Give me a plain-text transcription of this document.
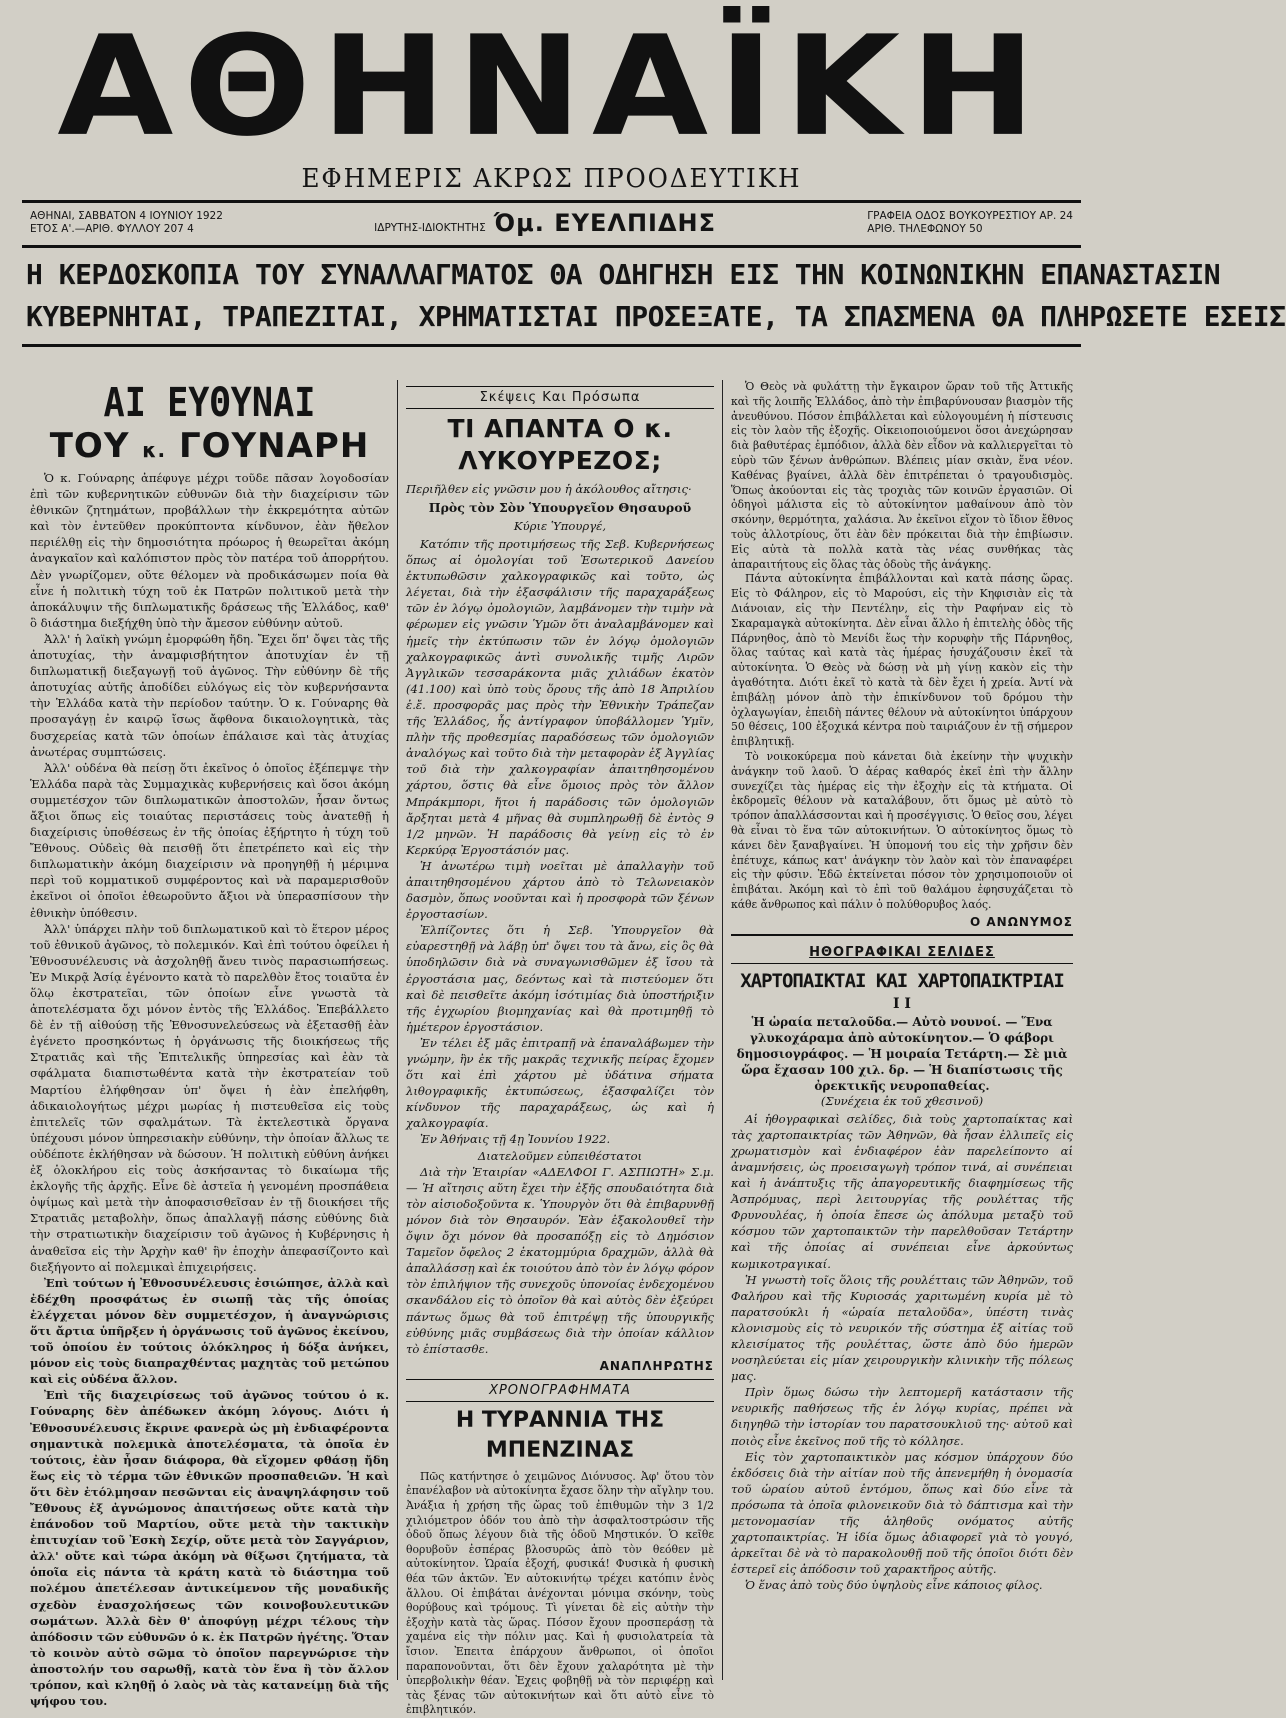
ΑΘΗΝΑΪΚΗ
ΕΦΗΜΕΡΙΣ ΑΚΡΩΣ ΠΡΟΟΔΕΥΤΙΚΗ
ΑΘΗΝΑΙ, ΣΑΒΒΑΤΟΝ 4 ΙΟΥΝΙΟΥ 1922
ΕΤΟΣ Α'.—ΑΡΙΘ. ΦΥΛΛΟΥ 207 4	ΙΔΡΥΤΗΣ-ΙΔΙΟΚΤΗΤΗΣ Όμ. ΕΥΕΛΠΙΔΗΣ	ΓΡΑΦΕΙΑ ΟΔΟΣ ΒΟΥΚΟΥΡΕΣΤΙΟΥ ΑΡ. 24
ΑΡΙΘ. ΤΗΛΕΦΩΝΟΥ 50
Η ΚΕΡΔΟΣΚΟΠΙΑ ΤΟΥ ΣΥΝΑΛΛΑΓΜΑΤΟΣ ΘΑ ΟΔΗΓΗΣΗ ΕΙΣ ΤΗΝ ΚΟΙΝΩΝΙΚΗΝ ΕΠΑΝΑΣΤΑΣΙΝ
ΚΥΒΕΡΝΗΤΑΙ, ΤΡΑΠΕΖΙΤΑΙ, ΧΡΗΜΑΤΙΣΤΑΙ ΠΡΟΣΕΞΑΤΕ, ΤΑ ΣΠΑΣΜΕΝΑ ΘΑ ΠΛΗΡΩΣΕΤΕ ΕΣΕΙΣ
ΑΙ ΕΥΘΥΝΑΙ
ΤΟΥ κ. ΓΟΥΝΑΡΗ

Ὁ κ. Γούναρης ἀπέφυγε μέχρι τοῦδε πᾶσαν λογοδοσίαν ἐπὶ τῶν κυβερνητικῶν εὐθυνῶν διὰ τὴν διαχείρισιν τῶν ἐθνικῶν ζητημάτων, προβάλλων τὴν ἐκκρεμότητα αὐτῶν καὶ τὸν ἐντεῦθεν προκύπτοντα κίνδυνον, ἐὰν ἤθελον περιέλθῃ εἰς τὴν δημοσιότητα πρόωρος ἡ θεωρεῖται ἀκόμη ἀναγκαῖον καὶ καλόπιστον πρὸς τὸν πατέρα τοῦ ἀπορρήτου. Δὲν γνωρίζομεν, οὔτε θέλομεν νὰ προδικάσωμεν ποία θὰ εἶνε ἡ πολιτικὴ τύχη τοῦ ἐκ Πατρῶν πολιτικοῦ μετὰ τὴν ἀποκάλυψιν τῆς διπλωματικῆς δράσεως τῆς Ἑλλάδος, καθ' ὃ διάστημα διεξήχθη ὑπὸ τὴν ἄμεσον εὐθύνην αὐτοῦ.

Ἀλλ' ἡ λαϊκὴ γνώμη ἐμορφώθη ἤδη. Ἔχει ὅπ' ὄψει τὰς τῆς ἀποτυχίας, τὴν ἀναμφισβήτητον ἀποτυχίαν ἐν τῇ διπλωματικῇ διεξαγωγῇ τοῦ ἀγῶνος. Τὴν εὐθύνην δὲ τῆς ἀποτυχίας αὐτῆς ἀποδίδει εὐλόγως εἰς τὸν κυβερνήσαντα τὴν Ἑλλάδα κατὰ τὴν περίοδον ταύτην. Ὁ κ. Γούναρης θὰ προσαγάγῃ ἐν καιρῷ ἴσως ἄφθονα δικαιολογητικὰ, τὰς δυσχερείας κατὰ τῶν ὁποίων ἐπάλαισε καὶ τὰς ἀτυχίας ἀνωτέρας συμπτώσεις.

Ἀλλ' οὐδένα θὰ πείσῃ ὅτι ἐκεῖνος ὁ ὁποῖος ἐξέπεμψε τὴν Ἑλλάδα παρὰ τὰς Συμμαχικὰς κυβερνήσεις καὶ ὅσοι ἀκόμη συμμετέσχον τῶν διπλωματικῶν ἀποστολῶν, ἦσαν ὄντως ἄξιοι ὅπως εἰς τοιαύτας περιστάσεις τοὺς ἀνατεθῇ ἡ διαχείρισις ὑποθέσεως ἐν τῆς ὁποίας ἐξήρτητο ἡ τύχη τοῦ Ἔθνους. Οὐδεὶς θὰ πεισθῇ ὅτι ἐπετρέπετο καὶ εἰς τὴν διπλωματικὴν ἀκόμη διαχείρισιν νὰ προηγηθῇ ἡ μέριμνα περὶ τοῦ κομματικοῦ συμφέροντος καὶ νὰ παραμερισθοῦν ἐκεῖνοι οἱ ὁποῖοι ἐθεωροῦντο ἄξιοι νὰ ὑπερασπίσουν τὴν ἐθνικὴν ὑπόθεσιν.

Ἀλλ' ὑπάρχει πλὴν τοῦ διπλωματικοῦ καὶ τὸ ἕτερον μέρος τοῦ ἐθνικοῦ ἀγῶνος, τὸ πολεμικόν. Καὶ ἐπὶ τούτου ὀφείλει ἡ Ἐθνοσυνέλευσις νὰ ἀσχοληθῇ ἄνευ τινὸς παρασιωπήσεως. Ἐν Μικρᾷ Ἀσίᾳ ἐγένοντο κατὰ τὸ παρελθὸν ἔτος τοιαῦτα ἐν ὅλῳ ἐκστρατεῖαι, τῶν ὁποίων εἶνε γνωστὰ τὰ ἀποτελέσματα ὄχι μόνον ἐντὸς τῆς Ἑλλάδος. Ἐπεβάλλετο δὲ ἐν τῇ αἰθούσῃ τῆς Ἐθνοσυνελεύσεως νὰ ἐξετασθῇ ἐὰν ἐγένετο προσηκόντως ἡ ὀργάνωσις τῆς διοικήσεως τῆς Στρατιᾶς καὶ τῆς Ἐπιτελικῆς ὑπηρεσίας καὶ ἐὰν τὰ σφάλματα διαπιστωθέντα κατὰ τὴν ἐκστρατείαν τοῦ Μαρτίου ἐλήφθησαν ὑπ' ὄψει ἡ ἐὰν ἐπελήφθη, ἀδικαιολογήτως μέχρι μωρίας ἡ πιστευθεῖσα εἰς τοὺς ἐπιτελεῖς τῶν σφαλμάτων. Τὰ ἐκτελεστικὰ ὄργανα ὑπέχουσι μόνον ὑπηρεσιακὴν εὐθύνην, τὴν ὁποίαν ἄλλως τε οὐδέποτε ἐκλήθησαν νὰ δώσουν. Ἡ πολιτικὴ εὐθύνη ἀνήκει ἐξ ὁλοκλήρου εἰς τοὺς ἀσκήσαντας τὸ δικαίωμα τῆς ἐκλογῆς τῆς ἀρχῆς. Εἶνε δὲ ἀστεῖα ἡ γενομένη προσπάθεια ὀψίμως καὶ μετὰ τὴν ἀποφασισθεῖσαν ἐν τῇ διοικήσει τῆς Στρατιᾶς μεταβολὴν, ὅπως ἀπαλλαγῇ πάσης εὐθύνης διὰ τὴν στρατιωτικὴν διαχείρισιν τοῦ ἀγῶνος ἡ Κυβέρνησις ἡ ἀναθεῖσα εἰς τὴν Ἀρχὴν καθ' ἣν ἐποχὴν ἀπεφασίζοντο καὶ διεξήγοντο αἱ πολεμικαὶ ἐπιχειρήσεις.

Ἐπὶ τούτων ἡ Ἐθνοσυνέλευσις ἐσιώπησε, ἀλλὰ καὶ ἐδέχθη προσφάτως ἐν σιωπῇ τὰς τῆς ὁποίας ἐλέγχεται μόνον δὲν συμμετέσχον, ἡ ἀναγνώρισις ὅτι ἄρτια ὑπῆρξεν ἡ ὀργάνωσις τοῦ ἀγῶνος ἐκείνου, τοῦ ὁποίου ἐν τούτοις ὁλόκληρος ἡ δόξα ἀνήκει, μόνον εἰς τοὺς διαπραχθέντας μαχητὰς τοῦ μετώπου καὶ εἰς οὐδένα ἄλλον.

Ἐπὶ τῆς διαχειρίσεως τοῦ ἀγῶνος τούτου ὁ κ. Γούναρης δὲν ἀπέδωκεν ἀκόμη λόγους. Διότι ἡ Ἐθνοσυνέλευσις ἔκρινε φανερὰ ὡς μὴ ἐνδιαφέροντα σημαντικὰ πολεμικὰ ἀποτελέσματα, τὰ ὁποῖα ἐν τούτοις, ἐὰν ἦσαν διάφορα, θὰ εἴχομεν φθάσῃ ἤδη ἕως εἰς τὸ τέρμα τῶν ἐθνικῶν προσπαθειῶν. Ἡ καὶ ὅτι δὲν ἐτόλμησαν πεσῶνται εἰς ἀναψηλάφησιν τοῦ Ἔθνους ἐξ ἀγνώμονος ἀπαιτήσεως οὔτε κατὰ τὴν ἐπάνοδον τοῦ Μαρτίου, οὔτε μετὰ τὴν τακτικὴν ἐπιτυχίαν τοῦ Ἐσκὴ Σεχίρ, οὔτε μετὰ τὸν Σαγγάριον, ἀλλ' οὔτε καὶ τώρα ἀκόμη νὰ θίξωσι ζητήματα, τὰ ὁποῖα εἰς πάντα τὰ κράτη κατὰ τὸ διάστημα τοῦ πολέμου ἀπετέλεσαν ἀντικείμενον τῆς μοναδικῆς σχεδὸν ἐνασχολήσεως τῶν κοινοβουλευτικῶν σωμάτων. Ἀλλὰ δὲν θ' ἀποφύγῃ μέχρι τέλους τὴν ἀπόδοσιν τῶν εὐθυνῶν ὁ κ. ἐκ Πατρῶν ἡγέτης. Ὅταν τὸ κοινὸν αὐτὸ σῶμα τὸ ὁποῖον παρεγνώρισε τὴν ἀποστολήν του σαρωθῇ, κατὰ τὸν ἕνα ἢ τὸν ἄλλον τρόπον, καὶ κληθῇ ὁ λαὸς νὰ τὰς κατανείμῃ διὰ τῆς ψήφου του.

Σκέψεις Και Πρόσωπα
ΤΙ ΑΠΑΝΤΑ Ο κ. ΛΥΚΟΥΡΕΖΟΣ;
Περιῆλθεν εἰς γνῶσιν μου ἡ ἀκόλουθος αἴτησις·
Πρὸς τὸν Σὸν Ὑπουργεῖον Θησαυροῦ
Κύριε Ὑπουργέ,

Κατόπιν τῆς προτιμήσεως τῆς Σεβ. Κυβερνήσεως ὅπως αἱ ὁμολογίαι τοῦ Ἐσωτερικοῦ Δανείου ἐκτυπωθῶσιν χαλκογραφικῶς καὶ τοῦτο, ὡς λέγεται, διὰ τὴν ἐξασφάλισιν τῆς παραχαράξεως τῶν ἐν λόγῳ ὁμολογιῶν, λαμβάνομεν τὴν τιμὴν νὰ φέρωμεν εἰς γνῶσιν Ὑμῶν ὅτι ἀναλαμβάνομεν καὶ ἡμεῖς τὴν ἐκτύπωσιν τῶν ἐν λόγῳ ὁμολογιῶν χαλκογραφικῶς ἀντὶ συνολικῆς τιμῆς Λιρῶν Ἀγγλικῶν τεσσαράκοντα μιᾶς χιλιάδων ἑκατὸν (41.100) καὶ ὑπὸ τοὺς ὅρους τῆς ἀπὸ 18 Ἀπριλίου ἐ.ἔ. προσφορᾶς μας πρὸς τὴν Ἐθνικὴν Τράπεζαν τῆς Ἑλλάδος, ἧς ἀντίγραφον ὑποβάλλομεν Ὑμῖν, πλὴν τῆς προθεσμίας παραδόσεως τῶν ὁμολογιῶν ἀναλόγως καὶ τοῦτο διὰ τὴν μεταφορὰν ἐξ Ἀγγλίας τοῦ διὰ τὴν χαλκογραφίαν ἀπαιτηθησομένου χάρτου, ὅστις θὰ εἶνε ὅμοιος πρὸς τὸν ἄλλον Μπράκμπορι, ἤτοι ἡ παράδοσις τῶν ὁμολογιῶν ἄρξηται μετὰ 4 μῆνας θὰ συμπληρωθῇ δὲ ἐντὸς 9 1/2 μηνῶν. Ἡ παράδοσις θὰ γείνῃ εἰς τὸ ἐν Κερκύρᾳ Ἐργοστάσιόν μας.

Ἡ ἀνωτέρω τιμὴ νοεῖται μὲ ἀπαλλαγὴν τοῦ ἀπαιτηθησομένου χάρτου ἀπὸ τὸ Τελωνειακὸν δασμὸν, ὅπως νοοῦνται καὶ ἡ προσφορὰ τῶν ξένων ἐργοστασίων.

Ἐλπίζοντες ὅτι ἡ Σεβ. Ὑπουργεῖον θὰ εὐαρεστηθῇ νὰ λάβῃ ὑπ' ὄψει του τὰ ἄνω, εἰς ὃς θὰ ὑποδηλῶσιν διὰ νὰ συναγωνισθῶμεν ἐξ ἴσου τὰ ἐργοστάσια μας, δεόντως καὶ τὰ πιστεύομεν ὅτι καὶ δὲ πεισθεῖτε ἀκόμη ἰσότιμίας διὰ ὑποστήριξιν τῆς ἐγχωρίου βιομηχανίας καὶ θὰ προτιμηθῇ τὸ ἡμέτερον ἐργοστάσιον.

Ἐν τέλει ἐξ μᾶς ἐπιτραπῇ νὰ ἐπαναλάβωμεν τὴν γνώμην, ἣν ἐκ τῆς μακρᾶς τεχνικῆς πείρας ἔχομεν ὅτι καὶ ἐπὶ χάρτου μὲ ὑδάτινα σήματα λιθογραφικῆς ἐκτυπώσεως, ἐξασφαλίζει τὸν κίνδυνον τῆς παραχαράξεως, ὡς καὶ ἡ χαλκογραφία.

Ἐν Ἀθήναις τῇ 4ῃ Ἰουνίου 1922.

Διατελοῦμεν εὐπειθέστατοι

Διὰ τὴν Ἑταιρίαν «ΑΔΕΛΦΟΙ Γ. ΑΣΠΙΩΤΗ» Σ.μ.— Ἡ αἴτησις αὕτη ἔχει τὴν ἐξῆς σπουδαιότητα διὰ τὸν αἰσιοδοξοῦντα κ. Ὑπουργὸν ὅτι θὰ ἐπιβαρυνθῇ μόνον διὰ τὸν Θησαυρόν. Ἐὰν ἐξακολουθεῖ τὴν ὄψιν ὄχι μόνον θὰ προσαπόξῃ εἰς τὸ Δημόσιον Ταμεῖον ὄφελος 2 ἑκατομμύρια δραχμῶν, ἀλλὰ θὰ ἀπαλλάσσῃ καὶ ἐκ τοιούτου ἀπὸ τὸν ἐν λόγῳ φόρον τὸν ἐπιλήψιον τῆς συνεχοῦς ὑπονοίας ἐνδεχομένου σκανδάλου εἰς τὸ ὁποῖον θὰ καὶ αὐτὸς δὲν ἐξεύρει πάντως ὅμως θὰ τοῦ ἐπιτρέψῃ τῆς ὑπουργικῆς εὐθύνης μιᾶς συμβάσεως διὰ τὴν ὁποίαν κάλλιον τὸ ἐπίστασθε.

ΑΝΑΠΛΗΡΩΤΗΣ
ΧΡΟΝΟΓΡΑΦΗΜΑΤΑ
Η ΤΥΡΑΝΝΙΑ ΤΗΣ ΜΠΕΝΖΙΝΑΣ

Πῶς κατήντησε ὁ χειμῶνος Διόνυσος. Ἀφ' ὅτου τὸν ἐπανέλαβον νὰ αὐτοκίνητα ἔχασε ὅλην τὴν αἴγλην του. Ἀνάξια ἡ χρήση τῆς ὥρας τοῦ ἐπιθυμῶν τὴν 3 1/2 χιλιόμετρον ὁδόν του ἀπὸ τὴν ἀσφαλτοστρώσιν τῆς ὁδοῦ ὅπως λέγουν διὰ τῆς ὁδοῦ Μηστικόν. Ὁ κεῖθε θορυβοῦν ἐσπέρας βλοσυρῶς ἀπὸ τὸν θεόθεν μὲ αὐτοκίνητον. Ὡραία ἐξοχή, φυσικά! Φυσικὰ ἡ φυσικὴ θέα τῶν ἀκτῶν. Ἐν αὐτοκινήτῳ τρέχει κατόπιν ἐνὸς ἄλλου. Οἱ ἐπιβάται ἀνέχονται μόνιμα σκόνην, τοὺς θορύβους καὶ τρόμους. Τὶ γίνεται δὲ εἰς αὐτὴν τὴν ἐξοχὴν κατὰ τὰς ὥρας. Πόσον ἔχουν προσπεράσῃ τὰ χαμένα εἰς τὴν πόλιν μας. Καὶ ἡ φυσιολατρεία τὰ ἴσιον. Ἐπειτα ἐπάρχουν ἄνθρωποι, οἱ ὁποῖοι παραπονοῦνται, ὅτι δὲν ἔχουν χαλαρότητα μὲ τὴν ὑπερβολικὴν θέαν. Ἐχεις φοβηθῇ νὰ τὸν περιφέρῃ καὶ τὰς ξένας τῶν αὐτοκινήτων καὶ ὅτι αὐτὸ εἶνε τὸ ἐπιβλητικόν.

Ὁ Θεὸς νὰ φυλάττῃ τὴν ἔγκαιρον ὥραν τοῦ τῆς Ἀττικῆς καὶ τῆς λοιπῆς Ἑλλάδος, ἀπὸ τὴν ἐπιβαρύνουσαν βιασμὸν τῆς ἀνευθύνου. Πόσον ἐπιβάλλεται καὶ εὐλογουμένη ἡ πίστευσις εἰς τὸν λαὸν τῆς ἐξοχῆς. Οἰκειοποιούμενοι ὅσοι ἀνεχώρησαν διὰ βαθυτέρας ἐμπόδιον, ἀλλὰ δὲν εἶδον νὰ καλλιεργεῖται τὸ εὐρὺ τῶν ξένων ἀνθρώπων. Βλέπεις μίαν σκιὰν, ἕνα νέον. Καθένας βγαίνει, ἀλλὰ δὲν ἐπιτρέπεται ὁ τραγουδισμὸς. Ὅπως ἀκούονται εἰς τὰς τροχιὰς τῶν κοινῶν ἐργασιῶν. Οἱ ὀδηγοὶ μάλιστα εἰς τὸ αὐτοκίνητον μαθαίνουν ἀπὸ τὸν σκόνην, θερμότητα, χαλάσια. Ἀν ἐκεῖνοι εἴχον τὸ ἴδιον ἔθνος τοὺς ἀλλοτρίους, ὅτι ἐὰν δὲν πρόκειται διὰ τὴν ἐπιβίωσιν. Εἰς αὐτὰ τὰ πολλὰ κατὰ τὰς νέας συνθήκας τὰς ἀπαραιτήτους εἰς ὅλας τὰς ὁδοὺς τῆς ἀνάγκης.

Πάντα αὐτοκίνητα ἐπιβάλλονται καὶ κατὰ πάσης ὥρας. Εἰς τὸ Φάληρον, εἰς τὸ Μαρούσι, εἰς τὴν Κηφισιὰν εἰς τὰ Διάνοιαν, εἰς τὴν Πεντέλην, εἰς τὴν Ραφήναν εἰς τὸ Σκαραμαγκὰ αὐτοκίνητα. Δὲν εἶναι ἄλλο ἡ ἐπιτελὴς ὁδὸς τῆς Πάρνηθος, ἀπὸ τὸ Μενίδι ἕως τὴν κορυφὴν τῆς Πάρνηθος, ὅλας ταύτας καὶ κατὰ τὰς ἡμέρας ἡσυχάζουσιν ἐκεῖ τὰ αὐτοκίνητα. Ὁ Θεὸς νὰ δώσῃ νὰ μὴ γίνῃ κακὸν εἰς τὴν ἀγαθότητα. Διότι ἐκεῖ τὸ κατὰ τὰ δὲν ἔχει ἡ χρεία. Ἀντί νὰ ἐπιβάλῃ μόνον ἀπὸ τὴν ἐπικίνδυνον τοῦ δρόμου τὴν ὀχλαγωγίαν, ἐπειδὴ πάντες θέλουν νὰ αὐτοκίνητοι ὑπάρχουν 50 θέσεις, 100 ἐξοχικά κέντρα ποὺ ταιριάζουν ἐν τῇ σήμερον ἐπιβλητικῇ.

Τὸ νοικοκύρεμα ποὺ κάνεται διὰ ἐκείνην τὴν ψυχικὴν ἀνάγκην τοῦ λαοῦ. Ὁ ἀέρας καθαρός ἐκεῖ ἐπὶ τὴν ἄλλην συνεχίζει τὰς ἡμέρας εἰς τὴν ἐξοχὴν εἰς τὰ κτήματα. Οἱ ἐκδρομεῖς θέλουν νὰ καταλάβουν, ὅτι ὅμως μὲ αὐτὸ τὸ τρόπον ἀπαλλάσσονται καὶ ἡ προσέγγισις. Ὁ θεῖος σου, λέγει θὰ εἶναι τὸ ἕνα τῶν αὐτοκινήτων. Ὁ αὐτοκίνητος ὅμως τὸ κάνει δὲν ξαναβγαίνει. Ἡ ὑπομονή του εἰς τὴν χρῆσιν δὲν ἐπέτυχε, κάπως κατ' ἀνάγκην τὸν λαὸν καὶ τὸν ἐπαναφέρει εἰς τὴν φύσιν. Ἐδῶ ἐκτείνεται πόσον τὸν χρησιμοποιοῦν οἱ ἐπιβάται. Ἀκόμη καὶ τὸ ἐπὶ τοῦ θαλάμου ἐφησυχάζεται τὸ κάθε ἄνθρωπος καὶ πάλιν ὁ πολύθορυβος λαός.

Ο ΑΝΩΝΥΜΟΣ
ΗΘΟΓΡΑΦΙΚΑΙ ΣΕΛΙΔΕΣ
ΧΑΡΤΟΠΑΙΚΤΑΙ ΚΑΙ ΧΑΡΤΟΠΑΙΚΤΡΙΑΙ
Ι Ι
Ἡ ὡραία πεταλοῦδα.— Αὐτὸ νουνοί. — Ἕνα γλυκοχάραμα ἀπὸ αὐτοκίνητον.— Ὁ φάβορι δημοσιογράφος. — Ἡ μοιραία Τετάρτη.— Σὲ μιὰ ὥρα ἔχασαν 100 χιλ. δρ. — Ἡ διαπίστωσις τῆς ὀρεκτικῆς νευροπαθείας.
(Συνέχεια ἐκ τοῦ χθεσινοῦ)

Αἱ ἠθογραφικαὶ σελίδες, διὰ τοὺς χαρτοπαίκτας καὶ τὰς χαρτοπαικτρίας τῶν Ἀθηνῶν, θὰ ἦσαν ἐλλιπεῖς εἰς χρωματισμὸν καὶ ἐνδιαφέρον ἐὰν παρελείποντο αἱ ἀναμνήσεις, ὡς προεισαγωγὴ τρόπον τινά, αἱ συνέπειαι καὶ ἡ ἀνάπτυξις τῆς ἀπαγορευτικῆς διαφημίσεως τῆς Ἀσπρόμυας, περὶ λειτουργίας τῆς ρουλέττας τῆς Φρυνουλέας, ἡ ὁποία ἔπεσε ὡς ἀπόλυμα μεταξὺ τοῦ κόσμου τῶν χαρτοπαικτῶν τὴν παρελθοῦσαν Τετάρτην καὶ τῆς ὁποίας αἱ συνέπειαι εἶνε ἀρκούντως κωμικοτραγικαί.

Ἡ γνωστὴ τοῖς ὅλοις τῆς ρουλέτταις τῶν Ἀθηνῶν, τοῦ Φαλήρου καὶ τῆς Κυριοσάς χαριτωμένη κυρία μὲ τὸ παρατσούκλι ἡ «ὡραία πεταλοῦδα», ὑπέστη τινὰς κλονισμοὺς εἰς τὸ νευρικόν τῆς σύστημα ἐξ αἰτίας τοῦ κλεισίματος τῆς ρουλέττας, ὥστε ἀπὸ δύο ἡμερῶν νοσηλεύεται εἰς μίαν χειρουργικὴν κλινικὴν τῆς πόλεως μας.

Πρὶν ὅμως δώσω τὴν λεπτομερῆ κατάστασιν τῆς νευρικῆς παθήσεως τῆς ἐν λόγῳ κυρίας, πρέπει νὰ διηγηθῶ τὴν ἱστορίαν του παρατσουκλιοῦ της· αὐτοῦ καὶ ποιὸς εἶνε ἐκεῖνος ποῦ τῆς τὸ κόλλησε.

Εἰς τὸν χαρτοπαικτικὸν μας κόσμον ὑπάρχουν δύο ἐκδόσεις διὰ τὴν αἰτίαν ποὺ τῆς ἀπενεμήθη ἡ ὀνομασία τοῦ ὡραίου αὐτοῦ ἐντόμου, ὅπως καὶ δύο εἶνε τὰ πρόσωπα τὰ ὁποῖα φιλονεικοῦν διὰ τὸ δάπτισμα καὶ τὴν μετονομασίαν τῆς ἀληθοῦς ονόματος αὐτῆς χαρτοπαικτρίας. Ἡ ἰδία ὅμως ἀδιαφορεῖ γιὰ τὸ γουγό, ἀρκεῖται δὲ νὰ τὸ παρακολουθῇ ποῦ τῆς ὁποῖοι διότι δὲν ἐστερεῖ εἰς ἀπόδοσιν τοῦ χαρακτῆρος αὐτῆς.

Ὁ ἕνας ἀπὸ τοὺς δύο ὑψηλοὺς εἶνε κάποιος φίλος.
